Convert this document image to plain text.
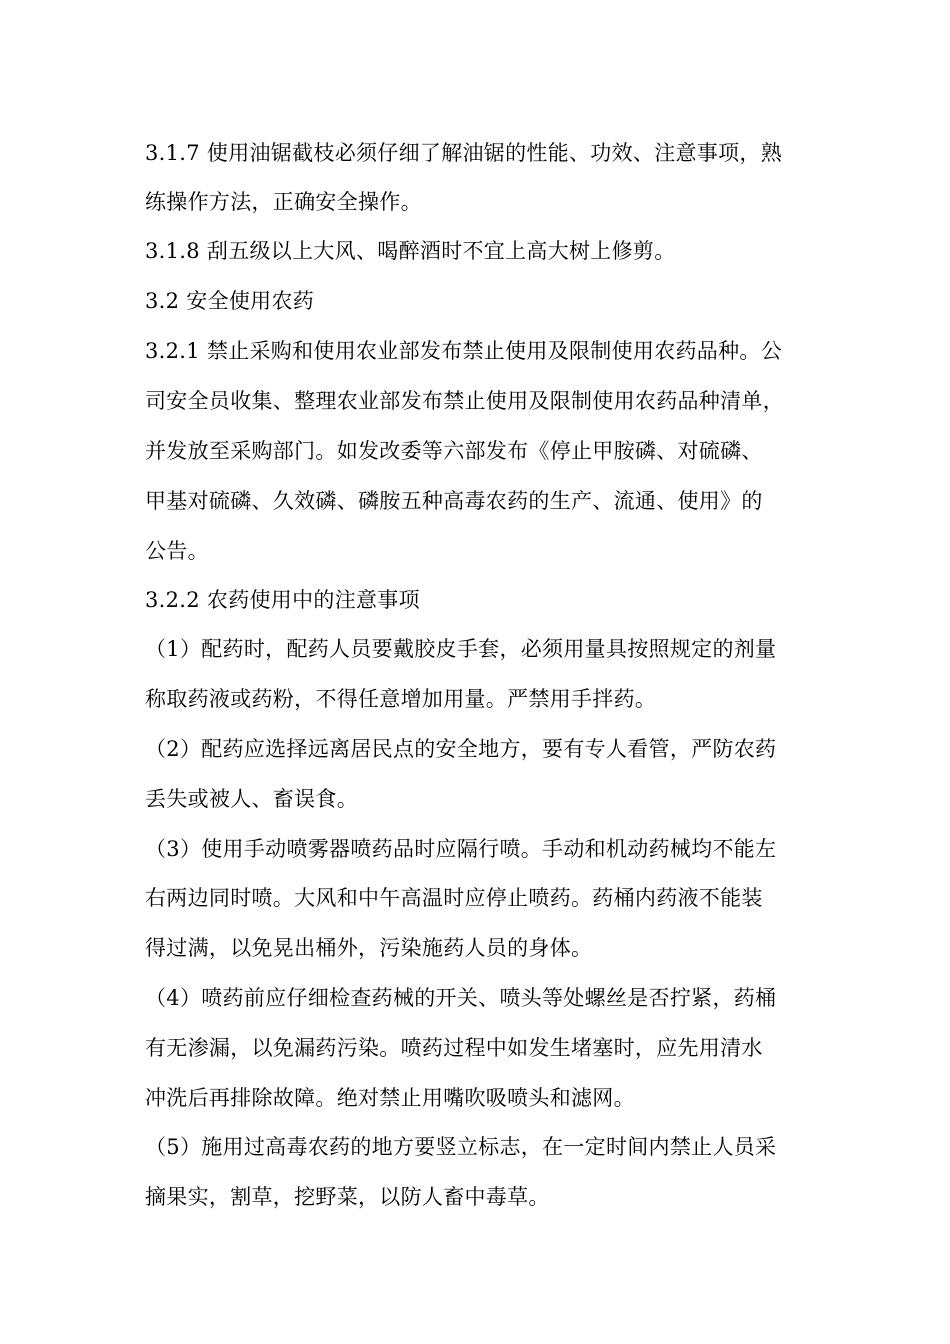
3.1.7 使用油锯截枝必须仔细了解油锯的性能、功效、注意事项，熟
练操作方法，正确安全操作。
3.1.8 刮五级以上大风、喝醉酒时不宜上高大树上修剪。
3.2 安全使用农药
3.2.1 禁止采购和使用农业部发布禁止使用及限制使用农药品种。公
司安全员收集、整理农业部发布禁止使用及限制使用农药品种清单，
并发放至采购部门。如发改委等六部发布《停止甲胺磷、对硫磷、
甲基对硫磷、久效磷、磷胺五种高毒农药的生产、流通、使用》的
公告。
3.2.2 农药使用中的注意事项
（1）配药时，配药人员要戴胶皮手套，必须用量具按照规定的剂量
称取药液或药粉，不得任意增加用量。严禁用手拌药。
（2）配药应选择远离居民点的安全地方，要有专人看管，严防农药
丢失或被人、畜误食。
（3）使用手动喷雾器喷药品时应隔行喷。手动和机动药械均不能左
右两边同时喷。大风和中午高温时应停止喷药。药桶内药液不能装
得过满，以免晃出桶外，污染施药人员的身体。
（4）喷药前应仔细检查药械的开关、喷头等处螺丝是否拧紧，药桶
有无渗漏，以免漏药污染。喷药过程中如发生堵塞时，应先用清水
冲洗后再排除故障。绝对禁止用嘴吹吸喷头和滤网。
（5）施用过高毒农药的地方要竖立标志，在一定时间内禁止人员采
摘果实，割草，挖野菜，以防人畜中毒草。
